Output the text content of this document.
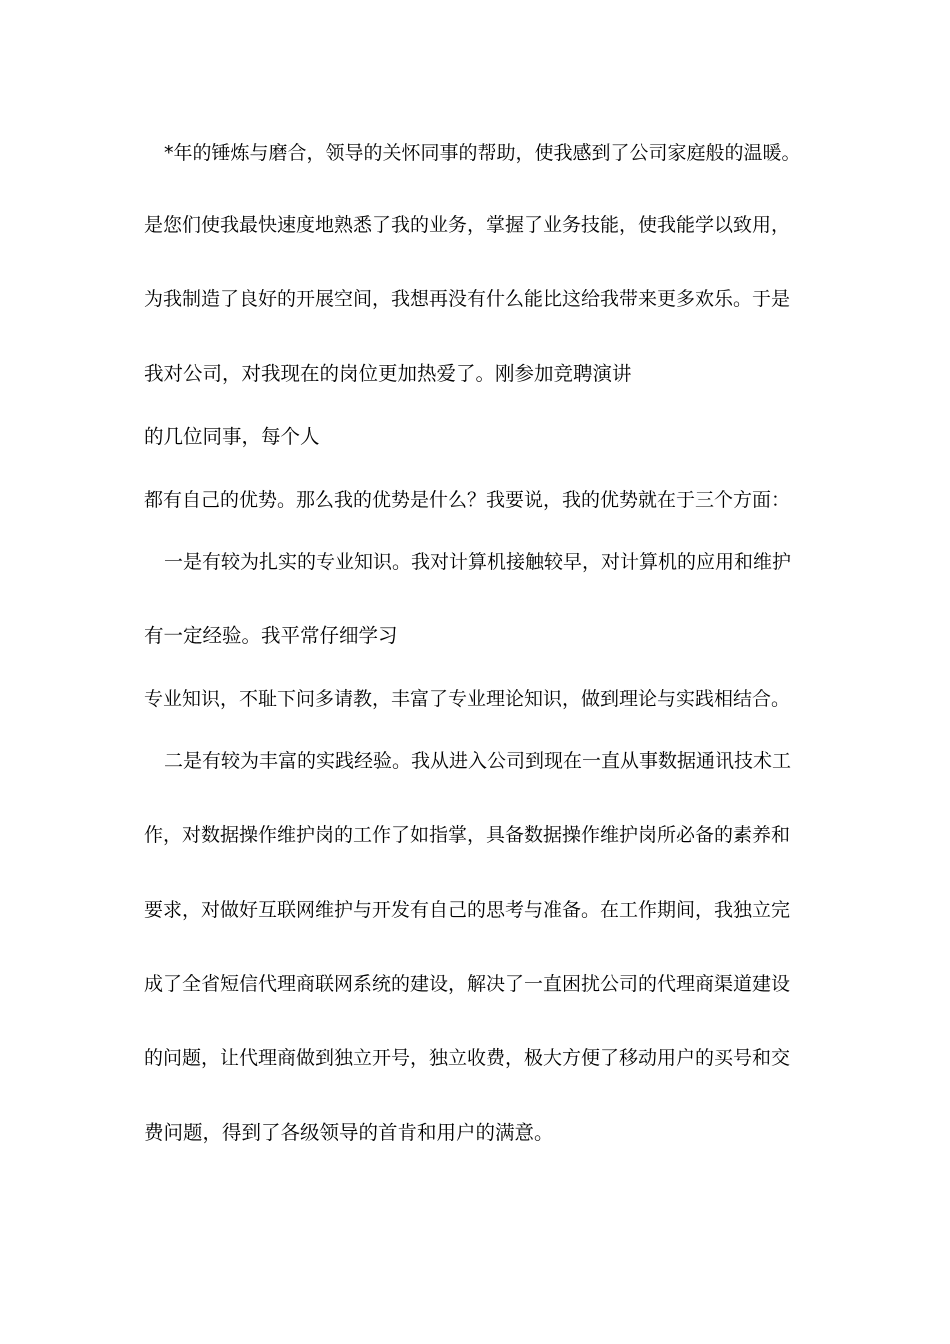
*年的锤炼与磨合，领导的关怀同事的帮助，使我感到了公司家庭般的温暖。
是您们使我最快速度地熟悉了我的业务，掌握了业务技能，使我能学以致用，
为我制造了良好的开展空间，我想再没有什么能比这给我带来更多欢乐。于是
我对公司，对我现在的岗位更加热爱了。刚参加竞聘演讲
的几位同事，每个人
都有自己的优势。那么我的优势是什么？我要说，我的优势就在于三个方面：
一是有较为扎实的专业知识。我对计算机接触较早，对计算机的应用和维护
有一定经验。我平常仔细学习
专业知识，不耻下问多请教，丰富了专业理论知识，做到理论与实践相结合。
二是有较为丰富的实践经验。我从进入公司到现在一直从事数据通讯技术工
作，对数据操作维护岗的工作了如指掌，具备数据操作维护岗所必备的素养和
要求，对做好互联网维护与开发有自己的思考与准备。在工作期间，我独立完
成了全省短信代理商联网系统的建设，解决了一直困扰公司的代理商渠道建设
的问题，让代理商做到独立开号，独立收费，极大方便了移动用户的买号和交
费问题，得到了各级领导的首肯和用户的满意。
